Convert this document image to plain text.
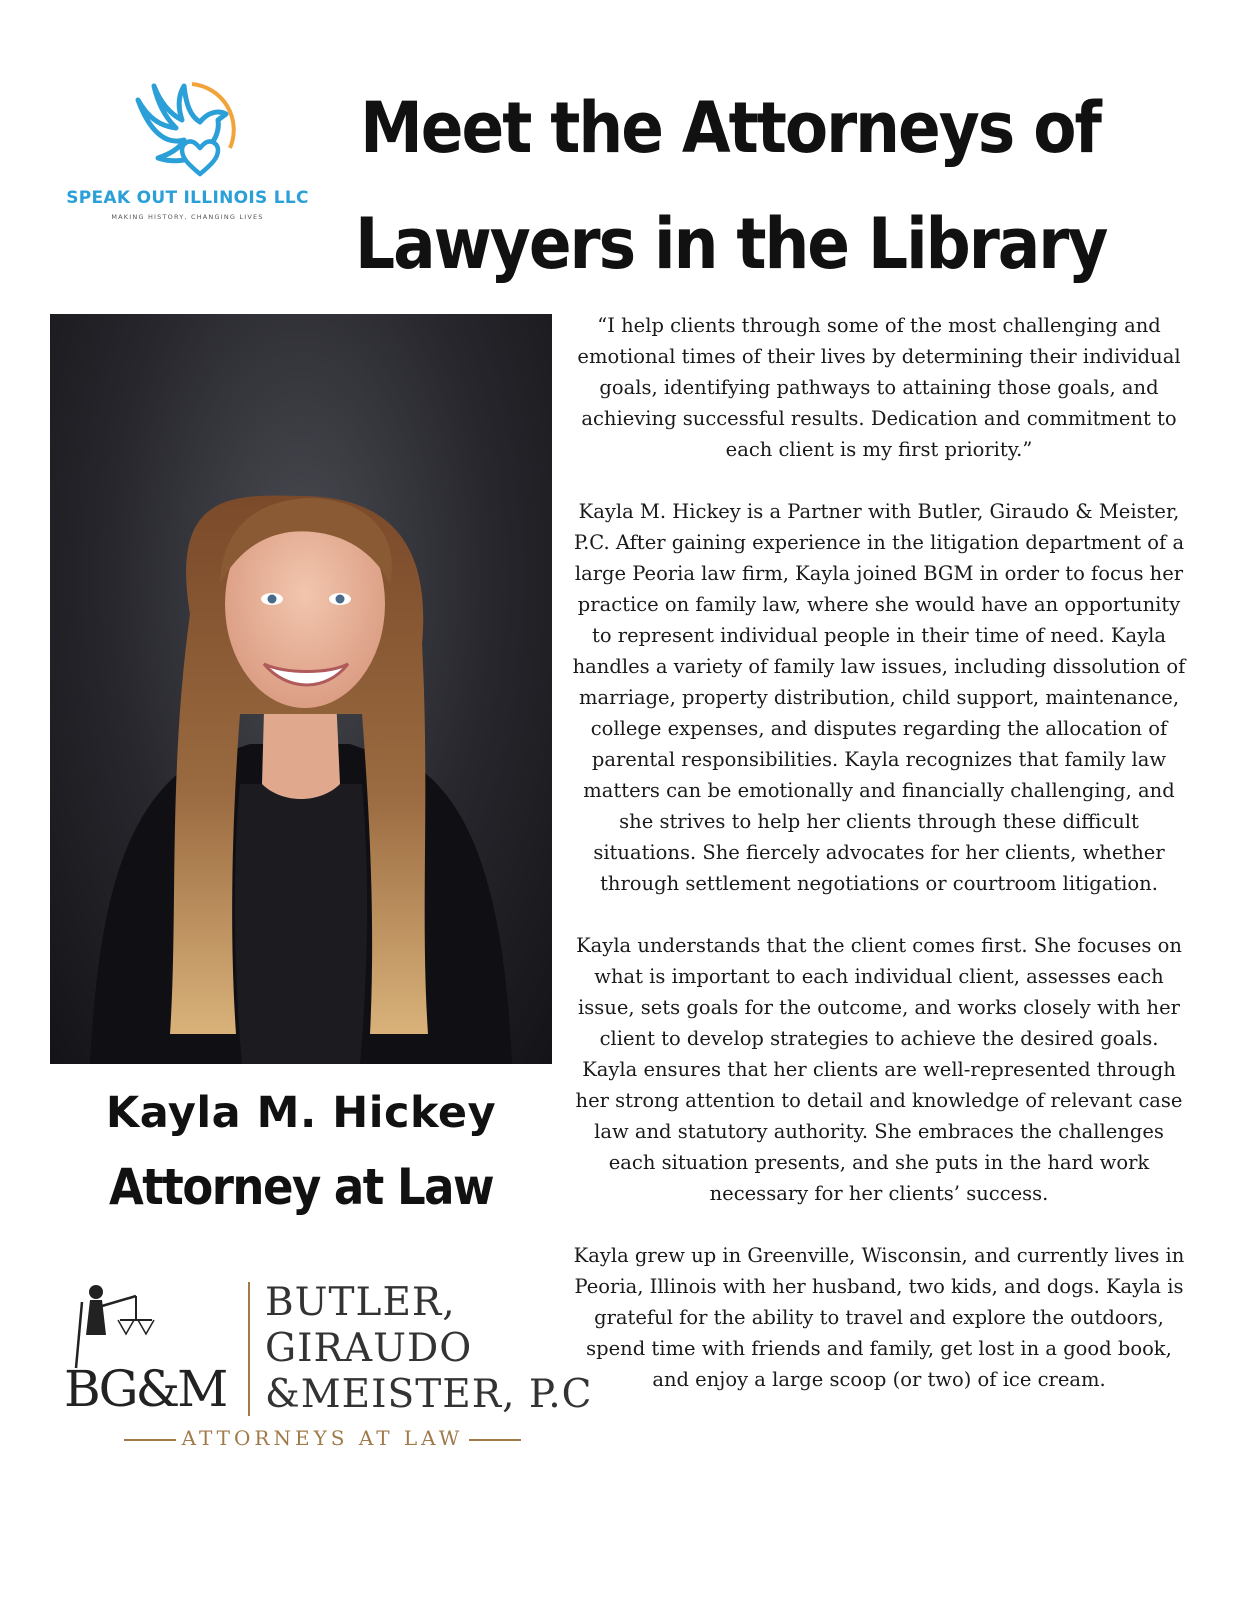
SPEAK OUT ILLINOIS LLC
MAKING HISTORY, CHANGING LIVES
Meet the Attorneys of
Lawyers in the Library
Kayla M. Hickey
Attorney at Law
BG&M
BUTLER,
GIRAUDO
&MEISTER, P.C
ATTORNEYS AT LAW

“I help clients through some of the most challenging and emotional times of their lives by determining their individual goals, identifying pathways to attaining those goals, and achieving successful results. Dedication and commitment to each client is my first priority.”

Kayla M. Hickey is a Partner with Butler, Giraudo & Meister, P.C. After gaining experience in the litigation department of a large Peoria law firm, Kayla joined BGM in order to focus her practice on family law, where she would have an opportunity to represent individual people in their time of need. Kayla handles a variety of family law issues, including dissolution of marriage, property distribution, child support, maintenance, college expenses, and disputes regarding the allocation of parental responsibilities. Kayla recognizes that family law matters can be emotionally and financially challenging, and she strives to help her clients through these difficult situations. She fiercely advocates for her clients, whether through settlement negotiations or courtroom litigation.

Kayla understands that the client comes first. She focuses on what is important to each individual client, assesses each issue, sets goals for the outcome, and works closely with her client to develop strategies to achieve the desired goals. Kayla ensures that her clients are well-represented through her strong attention to detail and knowledge of relevant case law and statutory authority. She embraces the challenges each situation presents, and she puts in the hard work necessary for her clients’ success.

Kayla grew up in Greenville, Wisconsin, and currently lives in Peoria, Illinois with her husband, two kids, and dogs. Kayla is grateful for the ability to travel and explore the outdoors, spend time with friends and family, get lost in a good book, and enjoy a large scoop (or two) of ice cream.
